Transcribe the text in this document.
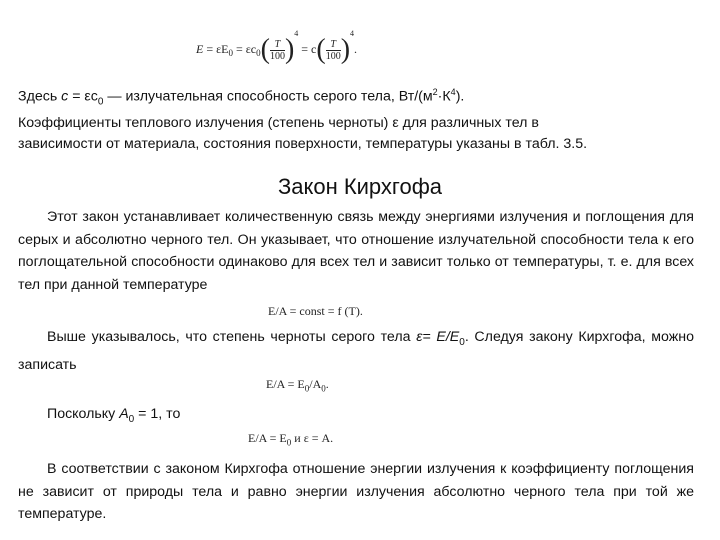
$E = \varepsilon E_0 = \varepsilon c_0( \frac{T}{100} )^4 = c( \frac{T}{100} )^4$.
Здесь $c = \varepsilon c_0$ — излучательная способность серого тела, $Вт/(м^2\cdot К^4)$.
Коэффициенты теплового излучения (степень черноты) ε для различных тел в
зависимости от материала, состояния поверхности, температуры указаны в табл. 3.5.
Закон Кирхгофа
Этот закон устанавливает количественную связь между энергиями излучения и поглощения для серых и абсолютно черного тел. Он указывает, что отношение излучательной способности тела к его поглощательной способности одинаково для всех тел и зависит только от температуры, т. е. для всех тел при данной температуре
E/A = const = f (T).
Выше указывалось, что степень черноты серого тела $\varepsilon= E/E_0$. Следуя закону Кирхгофа, можно записать
$E/A = E_0/A_0$.
Поскольку $A_0 = 1$, то
$E/A = E_0$ и ε = A.
В соответствии с законом Кирхгофа отношение энергии излучения к коэффициенту поглощения не зависит от природы тела и равно энергии излучения абсолютно черного тела при той же температуре.
